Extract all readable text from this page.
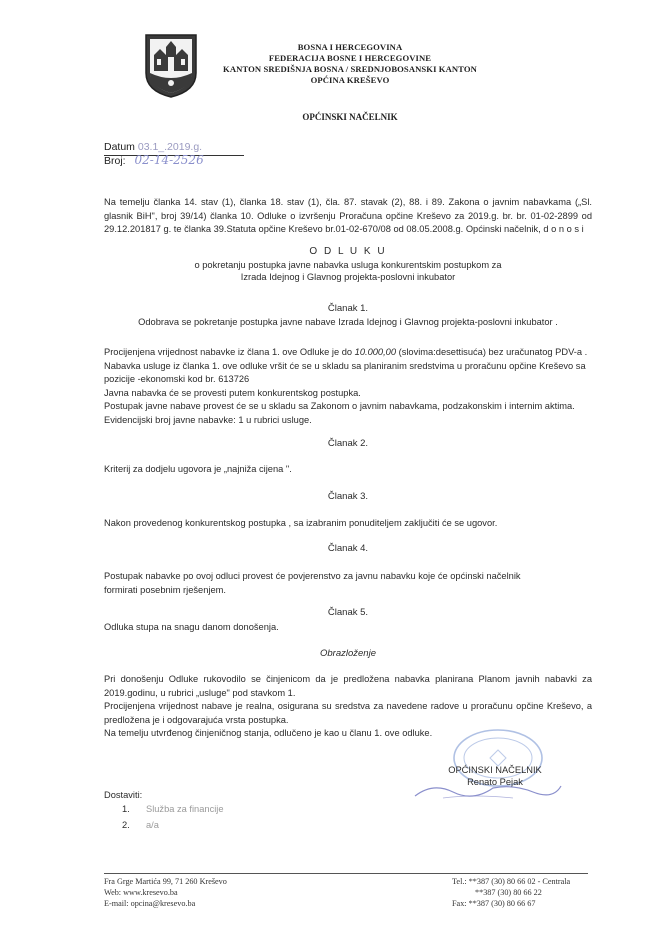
BOSNA I HERCEGOVINA
FEDERACIJA BOSNE I HERCEGOVINE
KANTON SREDIŠNJA BOSNA / SREDNJOBOSANSKI KANTON
OPĆINA KREŠEVO
OPĆINSKI NAČELNIK
Datum 03.1_.2019.g.
Broj: 02-14-2526
Na temelju članka 14. stav (1), članka 18. stav (1), čla. 87. stavak (2), 88. i 89. Zakona o javnim nabavkama („Sl. glasnik BiH", broj 39/14) članka 10. Odluke o izvršenju Proračuna opčine Kreševo za 2019.g. br. br. 01-02-2899 od 29.12.201817 g. te članka 39.Statuta opčine Kreševo br.01-02-670/08 od 08.05.2008.g. Općinski načelnik, d o n o s i
O D L U K U
o pokretanju postupka javne nabavka usluga konkurentskim postupkom za
Izrada Idejnog i Glavnog projekta-poslovni inkubator
Članak 1.
Odobrava se pokretanje postupka javne nabave Izrada Idejnog i Glavnog projekta-poslovni inkubator .

Procijenjena vrijednost nabavke iz člana 1. ove Odluke je do 10.000,00 (slovima:desettisuća) bez uračunatog PDV-a .

Nabavka usluge iz članka 1. ove odluke vršit će se u skladu sa planiranim sredstvima u proračunu opčine Kreševo sa pozicije -ekonomski kod br. 613726

Javna nabavka će se provesti putem konkurentskog postupka.

Postupak javne nabave provest će se u skladu sa Zakonom o javnim nabavkama, podzakonskim i internim aktima.

Evidencijski broj javne nabavke: 1 u rubrici usluge.

Članak 2.
Kriterij za dodjelu ugovora je „najniža cijena ".
Članak 3.
Nakon provedenog konkurentskog postupka , sa izabranim ponuditeljem zaključiti će se ugovor.
Članak 4.
Postupak nabavke po ovoj odluci provest će povjerenstvo za javnu nabavku koje će općinski načelnik formirati posebnim rješenjem.
Članak 5.
Odluka stupa na snagu danom donošenja.
Obrazloženje

Pri donošenju Odluke rukovodilo se činjenicom da je predložena nabavka planirana Planom javnih nabavki za 2019.godinu, u rubrici „usluge" pod stavkom 1.

Procijenjena vrijednost nabave je realna, osigurana su sredstva za navedene radove u proračunu opčine Kreševo, a predložena je i odgovarajuća vrsta postupka.

Na temelju utvrđenog činjeničnog stanja, odlučeno je kao u članu 1. ove odluke.

OPĆINSKI NAČELNIK
Renato Pejak
Dostaviti:
1. Služba za financije
2. a/a
Fra Grge Martića 99, 71 260 Kreševo
Web: www.kresevo.ba
E-mail: opcina@kresevo.ba
Tel.: **387 (30) 80 66 02 - Centrala
**387 (30) 80 66 22
Fax: **387 (30) 80 66 67
